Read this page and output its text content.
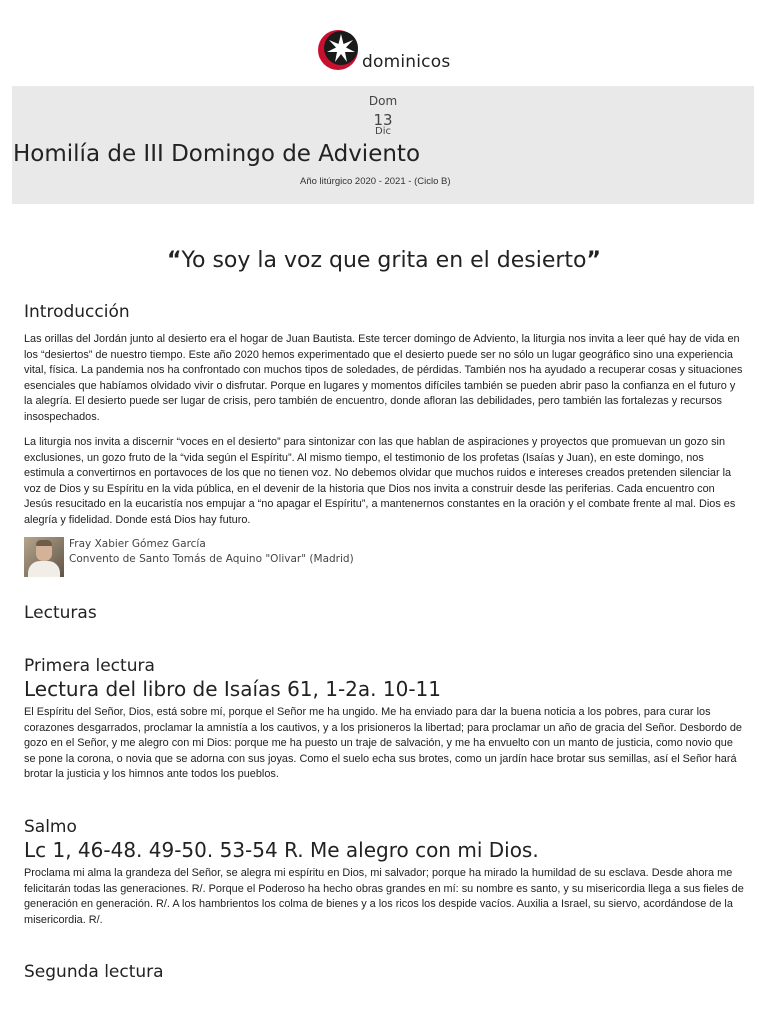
dominicos
Dom
13
Dic
Homilía de III Domingo de Adviento
Año litúrgico 2020 - 2021 - (Ciclo B)
“Yo soy la voz que grita en el desierto”
Introducción

Las orillas del Jordán junto al desierto era el hogar de Juan Bautista. Este tercer domingo de Adviento, la liturgia nos invita a leer qué hay de vida en los “desiertos” de nuestro tiempo. Este año 2020 hemos experimentado que el desierto puede ser no sólo un lugar geográfico sino una experiencia vital, física. La pandemia nos ha confrontado con muchos tipos de soledades, de pérdidas. También nos ha ayudado a recuperar cosas y situaciones esenciales que habíamos olvidado vivir o disfrutar. Porque en lugares y momentos difíciles también se pueden abrir paso la confianza en el futuro y la alegría. El desierto puede ser lugar de crisis, pero también de encuentro, donde afloran las debilidades, pero también las fortalezas y recursos insospechados.

La liturgia nos invita a discernir “voces en el desierto” para sintonizar con las que hablan de aspiraciones y proyectos que promuevan un gozo sin exclusiones, un gozo fruto de la “vida según el Espíritu”. Al mismo tiempo, el testimonio de los profetas (Isaías y Juan), en este domingo, nos estimula a convertirnos en portavoces de los que no tienen voz. No debemos olvidar que muchos ruidos e intereses creados pretenden silenciar la voz de Dios y su Espíritu en la vida pública, en el devenir de la historia que Dios nos invita a construir desde las periferias. Cada encuentro con Jesús resucitado en la eucaristía nos empujar a “no apagar el Espíritu”, a mantenernos constantes en la oración y el combate frente al mal. Dios es alegría y fidelidad. Donde está Dios hay futuro.

Fray Xabier Gómez García
Convento de Santo Tomás de Aquino "Olivar" (Madrid)
Lecturas
Primera lectura
Lectura del libro de Isaías 61, 1-2a. 10-11

El Espíritu del Señor, Dios, está sobre mí, porque el Señor me ha ungido. Me ha enviado para dar la buena noticia a los pobres, para curar los corazones desgarrados, proclamar la amnistía a los cautivos, y a los prisioneros la libertad; para proclamar un año de gracia del Señor. Desbordo de gozo en el Señor, y me alegro con mi Dios: porque me ha puesto un traje de salvación, y me ha envuelto con un manto de justicia, como novio que se pone la corona, o novia que se adorna con sus joyas. Como el suelo echa sus brotes, como un jardín hace brotar sus semillas, así el Señor hará brotar la justicia y los himnos ante todos los pueblos.

Salmo
Lc 1, 46-48. 49-50. 53-54 R. Me alegro con mi Dios.

Proclama mi alma la grandeza del Señor, se alegra mi espíritu en Dios, mi salvador; porque ha mirado la humildad de su esclava. Desde ahora me felicitarán todas las generaciones. R/. Porque el Poderoso ha hecho obras grandes en mí: su nombre es santo, y su misericordia llega a sus fieles de generación en generación. R/. A los hambrientos los colma de bienes y a los ricos los despide vacíos. Auxilia a Israel, su siervo, acordándose de la misericordia. R/.

Segunda lectura
